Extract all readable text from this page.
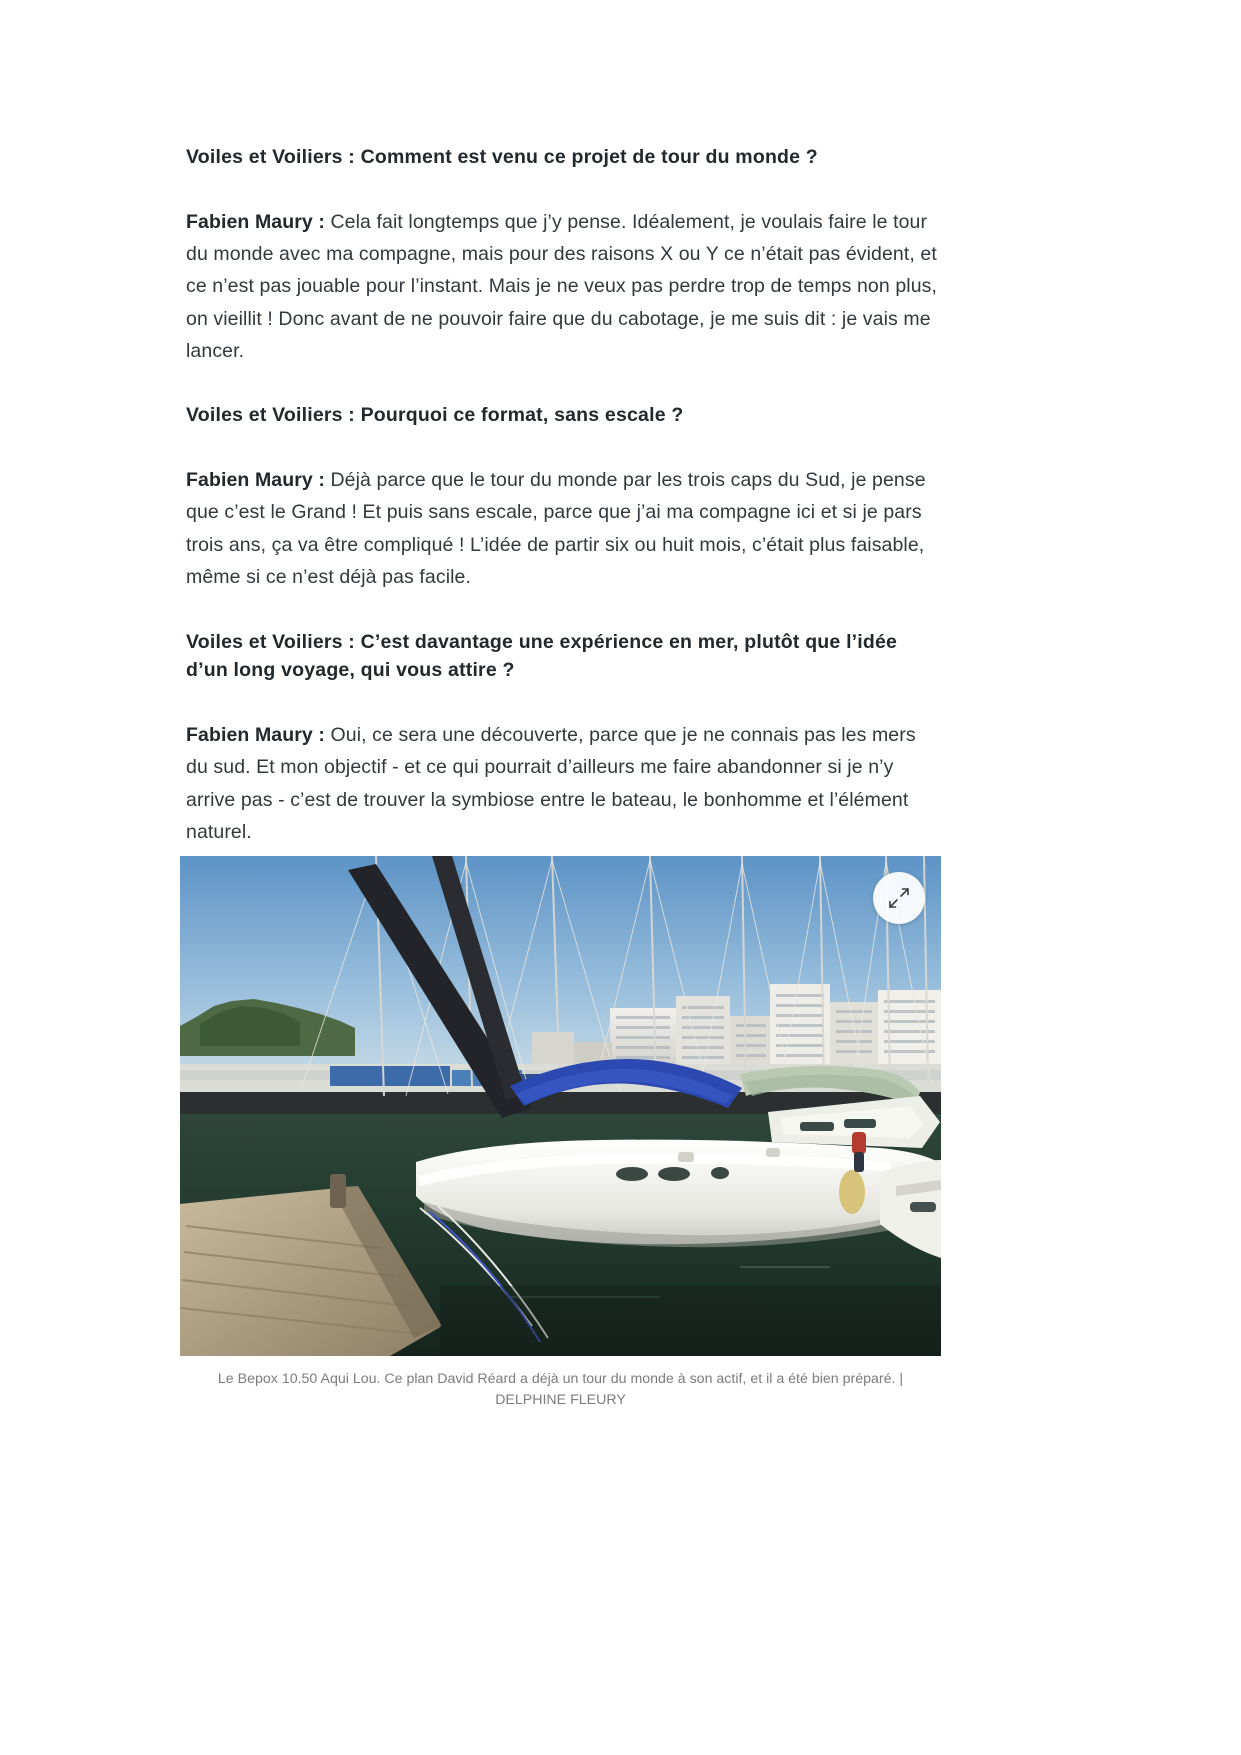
Voiles et Voiliers : Comment est venu ce projet de tour du monde ?

Fabien Maury : Cela fait longtemps que j’y pense. Idéalement, je voulais faire le tour du monde avec ma compagne, mais pour des raisons X ou Y ce n’était pas évident, et ce n’est pas jouable pour l’instant. Mais je ne veux pas perdre trop de temps non plus, on vieillit ! Donc avant de ne pouvoir faire que du cabotage, je me suis dit : je vais me lancer.

Voiles et Voiliers : Pourquoi ce format, sans escale ?

Fabien Maury : Déjà parce que le tour du monde par les trois caps du Sud, je pense que c’est le Grand ! Et puis sans escale, parce que j’ai ma compagne ici et si je pars trois ans, ça va être compliqué ! L’idée de partir six ou huit mois, c’était plus faisable, même si ce n’est déjà pas facile.

Voiles et Voiliers : C’est davantage une expérience en mer, plutôt que l’idée d’un long voyage, qui vous attire ?

Fabien Maury : Oui, ce sera une découverte, parce que je ne connais pas les mers du sud. Et mon objectif - et ce qui pourrait d’ailleurs me faire abandonner si je n’y arrive pas - c’est de trouver la symbiose entre le bateau, le bonhomme et l’élément naturel.

Le Bepox 10.50 Aqui Lou. Ce plan David Réard a déjà un tour du monde à son actif, et il a été bien préparé. |
DELPHINE FLEURY
